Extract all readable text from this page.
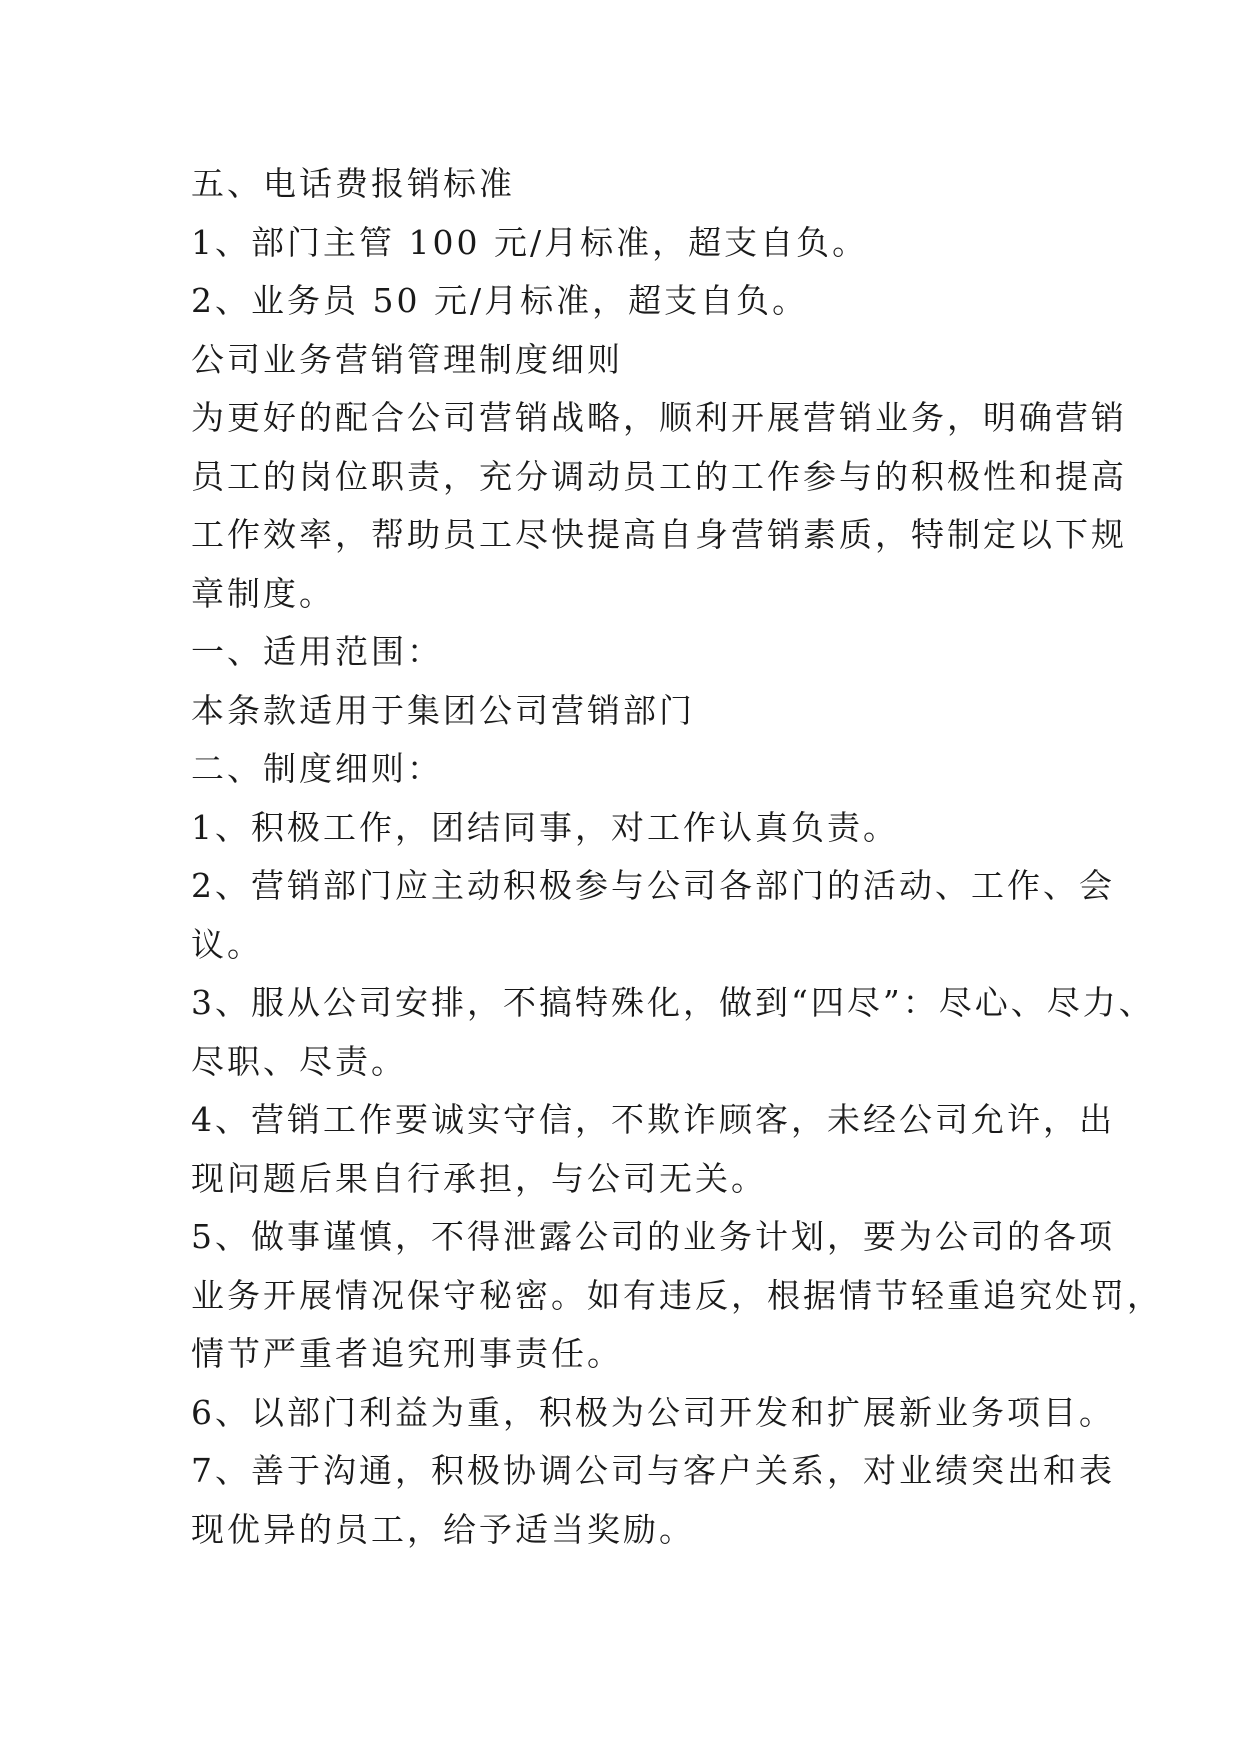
五、电话费报销标准
1、部门主管 100 元/月标准，超支自负。
2、业务员 50 元/月标准，超支自负。
公司业务营销管理制度细则
为更好的配合公司营销战略，顺利开展营销业务，明确营销
员工的岗位职责，充分调动员工的工作参与的积极性和提高
工作效率，帮助员工尽快提高自身营销素质，特制定以下规
章制度。
一、适用范围：
本条款适用于集团公司营销部门
二、制度细则：
1、积极工作，团结同事，对工作认真负责。
2、营销部门应主动积极参与公司各部门的活动、工作、会
议。
3、服从公司安排，不搞特殊化，做到“四尽”：尽心、尽力、
尽职、尽责。
4、营销工作要诚实守信，不欺诈顾客，未经公司允许，出
现问题后果自行承担，与公司无关。
5、做事谨慎，不得泄露公司的业务计划，要为公司的各项
业务开展情况保守秘密。如有违反，根据情节轻重追究处罚，
情节严重者追究刑事责任。
6、以部门利益为重，积极为公司开发和扩展新业务项目。
7、善于沟通，积极协调公司与客户关系，对业绩突出和表
现优异的员工，给予适当奖励。
